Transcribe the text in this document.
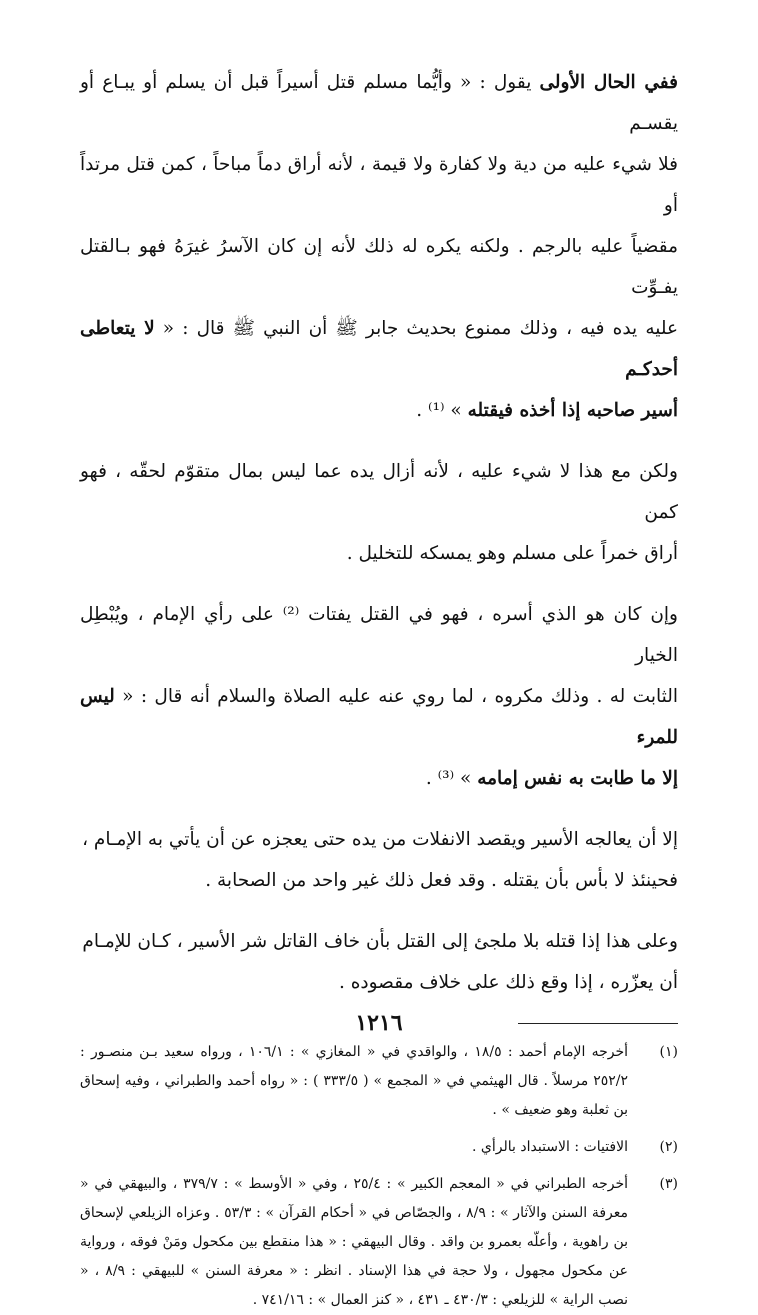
ففي الحال الأولى يقول : « وأيُّما مسلم قتل أسيراً قبل أن يسلم أو يبـاع أو يقسـم
فلا شيء عليه من دية ولا كفارة ولا قيمة ، لأنه أراق دماً مباحاً ، كمن قتل مرتداً أو
مقضياً عليه بالرجم . ولكنه يكره له ذلك لأنه إن كان الآسرُ غيرَهُ فهو بـالقتل يفـوِّت
عليه يده فيه ، وذلك ممنوع بحديث جابر ﷺ أن النبي ﷺ قال : « لا يتعاطى أحدكـم
أسير صاحبه إذا أخذه فيقتله » ⁽¹⁾ .

ولكن مع هذا لا شيء عليه ، لأنه أزال يده عما ليس بمال متقوّم لحقّه ، فهو كمن
أراق خمراً على مسلم وهو يمسكه للتخليل .

وإن كان هو الذي أسره ، فهو في القتل يفتات ⁽²⁾ على رأي الإمام ، ويُبْطِل الخيار
الثابت له . وذلك مكروه ، لما روي عنه عليه الصلاة والسلام أنه قال : « ليس للمرء
إلا ما طابت به نفس إمامه » ⁽³⁾ .

إلا أن يعالجه الأسير ويقصد الانفلات من يده حتى يعجزه عن أن يأتي به الإمـام ،
فحينئذ لا بأس بأن يقتله . وقد فعل ذلك غير واحد من الصحابة .

وعلى هذا إذا قتله بلا ملجئ إلى القتل بأن خاف القاتل شر الأسير ، كـان للإمـام
أن يعزّره ، إذا وقع ذلك على خلاف مقصوده .

(١)
أخرجه الإمام أحمد : ١٨/٥ ، والواقدي في « المغازي » : ١٠٦/١ ، ورواه سعيد بـن منصـور : ٢٥٢/٢ مرسلاً . قال الهيثمي في « المجمع » ( ٣٣٣/٥ ) : « رواه أحمد والطبراني ، وفيه إسحاق بن ثعلبة وهو ضعيف » .
(٢)
الافتيات : الاستبداد بالرأي .
(٣)
أخرجه الطبراني في « المعجم الكبير » : ٢٥/٤ ، وفي « الأوسط » : ٣٧٩/٧ ، والبيهقي في « معرفة السنن والآثار » : ٨/٩ ، والجصّاص في « أحكام القرآن » : ٥٣/٣ . وعزاه الزيلعي لإسحاق بن راهوية ، وأعلّه بعمرو بن واقد . وقال البيهقي : « هذا منقطع بين مكحول ومَنْ فوقه ، ورواية عن مكحول مجهول ، ولا حجة في هذا الإسناد . انظر : « معرفة السنن » للبيهقي : ٨/٩ ، « نصب الراية » للزيلعي : ٤٣٠/٣ ـ ٤٣١ ، « كنز العمال » : ٧٤١/١٦ .
١٢١٦
